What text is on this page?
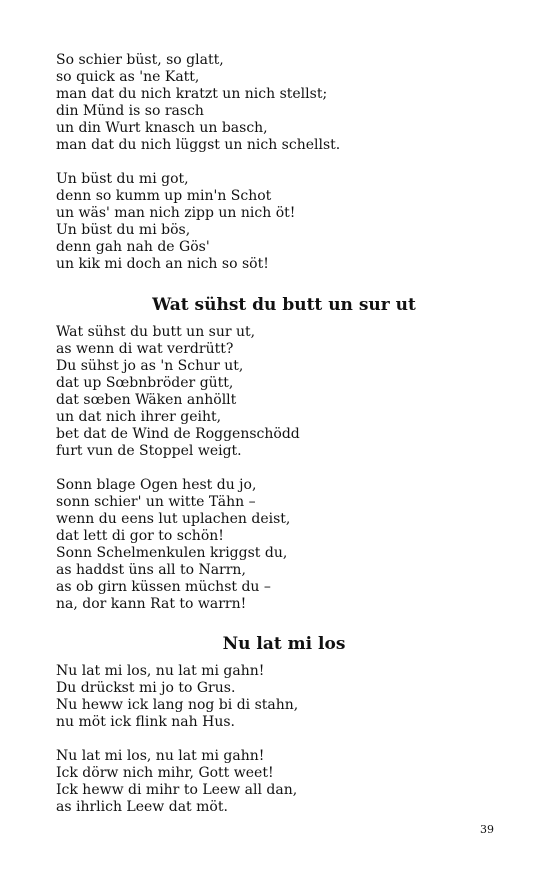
So schier büst, so glatt,
so quick as 'ne Katt,
man dat du nich kratzt un nich stellst;
din Münd is so rasch
un din Wurt knasch un basch,
man dat du nich lüggst un nich schellst.
Un büst du mi got,
denn so kumm up min'n Schot
un wäs' man nich zipp un nich öt!
Un büst du mi bös,
denn gah nah de Gös'
un kik mi doch an nich so söt!
Wat sühst du butt un sur ut
Wat sühst du butt un sur ut,
as wenn di wat verdrütt?
Du sühst jo as 'n Schur ut,
dat up Sœbnbröder gütt,
dat sœben Wäken anhöllt
un dat nich ihrer geiht,
bet dat de Wind de Roggenschödd
furt vun de Stoppel weigt.
Sonn blage Ogen hest du jo,
sonn schier' un witte Tähn –
wenn du eens lut uplachen deist,
dat lett di gor to schön!
Sonn Schelmenkulen kriggst du,
as haddst üns all to Narrn,
as ob girn küssen müchst du –
na, dor kann Rat to warrn!
Nu lat mi los
Nu lat mi los, nu lat mi gahn!
Du drückst mi jo to Grus.
Nu heww ick lang nog bi di stahn,
nu möt ick flink nah Hus.
Nu lat mi los, nu lat mi gahn!
Ick dörw nich mihr, Gott weet!
Ick heww di mihr to Leew all dan,
as ihrlich Leew dat möt.
39
